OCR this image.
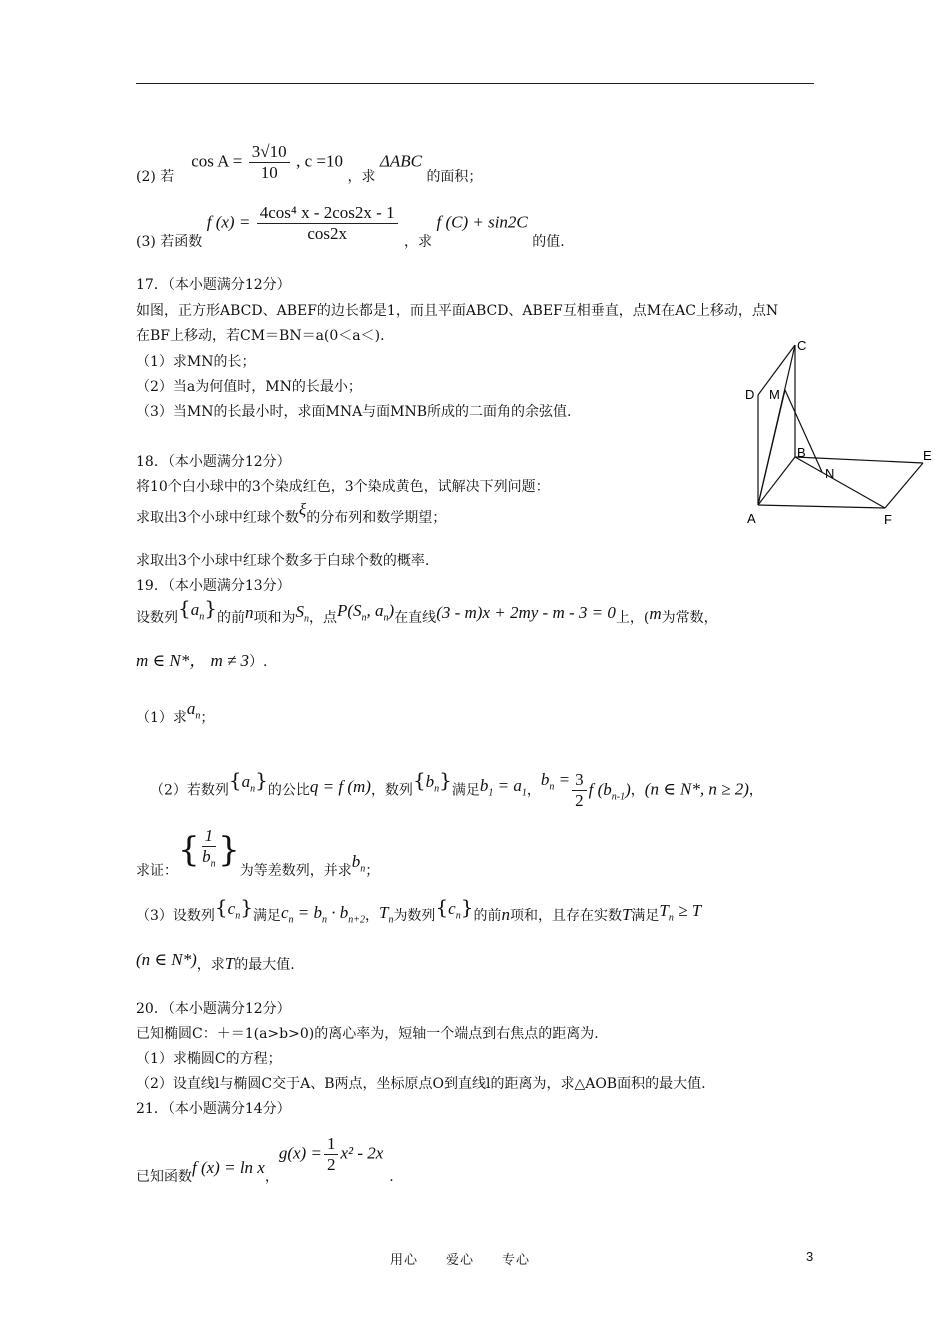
(2) 若  $\cos A = \frac{3√10}{10}$ , c =10 ，求 ΔABC 的面积；
(3) 若函数 f $(x) = \frac{\text{4cos⁴ x - 2cos2x - 1}}{\cos 2x}$ ，求 f (C) + sin2C 的值.
17．（本小题满分12分）
如图，正方形ABCD、ABEF的边长都是1，而且平面ABCD、ABEF互相垂直，点M在AC上移动，点N
在BF上移动，若CM＝BN＝a(0＜a＜).
（1）求MN的长；
（2）当a为何值时，MN的长最小；
（3）当MN的长最小时，求面MNA与面MNB所成的二面角的余弦值.
C
D M
B
N
E
A	F
18．（本小题满分12分）
将10个白小球中的3个染成红色，3个染成黄色，试解决下列问题：
求取出3个小球中红球个数ξ的分布列和数学期望；
求取出3个小球中红球个数多于白球个数的概率.
19．（本小题满分13分）
设数列$\{a_n\}$的前n项和为$S_n$，点$P(S_n$, $a_n$)在直线(3 - m)x + 2my - m - 3 = 0上，(m为常数，
m ∈ N*， m ≠ 3）.
（1）求$a_n$；
（2）若数列$\{a_n\}$的公比q = f (m)，数列$\{b_n\}$满足$b_1 = a_1$，$b_n = \frac{3}{2}$ f $(b_{n-1})$，(n ∈ N*, n ≥ 2)，
求证：
{ $\frac{1}{b_n}$ }
为等差数列，并求$b_n$；
（3）设数列$\{c_n\}$满足$c_n = b_n \cdot b_{n+2}$，$T_n$为数列$\{c_n\}$的前n项和，且存在实数T满足$T_n \ge T$
(n ∈ N*)，求T的最大值.
20．（本小题满分12分）
已知椭圆C：＋＝1(a>b>0)的离心率为，短轴一个端点到右焦点的距离为.
（1）求椭圆C的方程；
（2）设直线l与椭圆C交于A、B两点，坐标原点O到直线l的距离为，求△AOB面积的最大值.
21．（本小题满分14分）
已知函数f (x) = ln x，$g(x) = \frac{1}{2} x^2 - 2x$.
用心　　爱心　　专心	3
